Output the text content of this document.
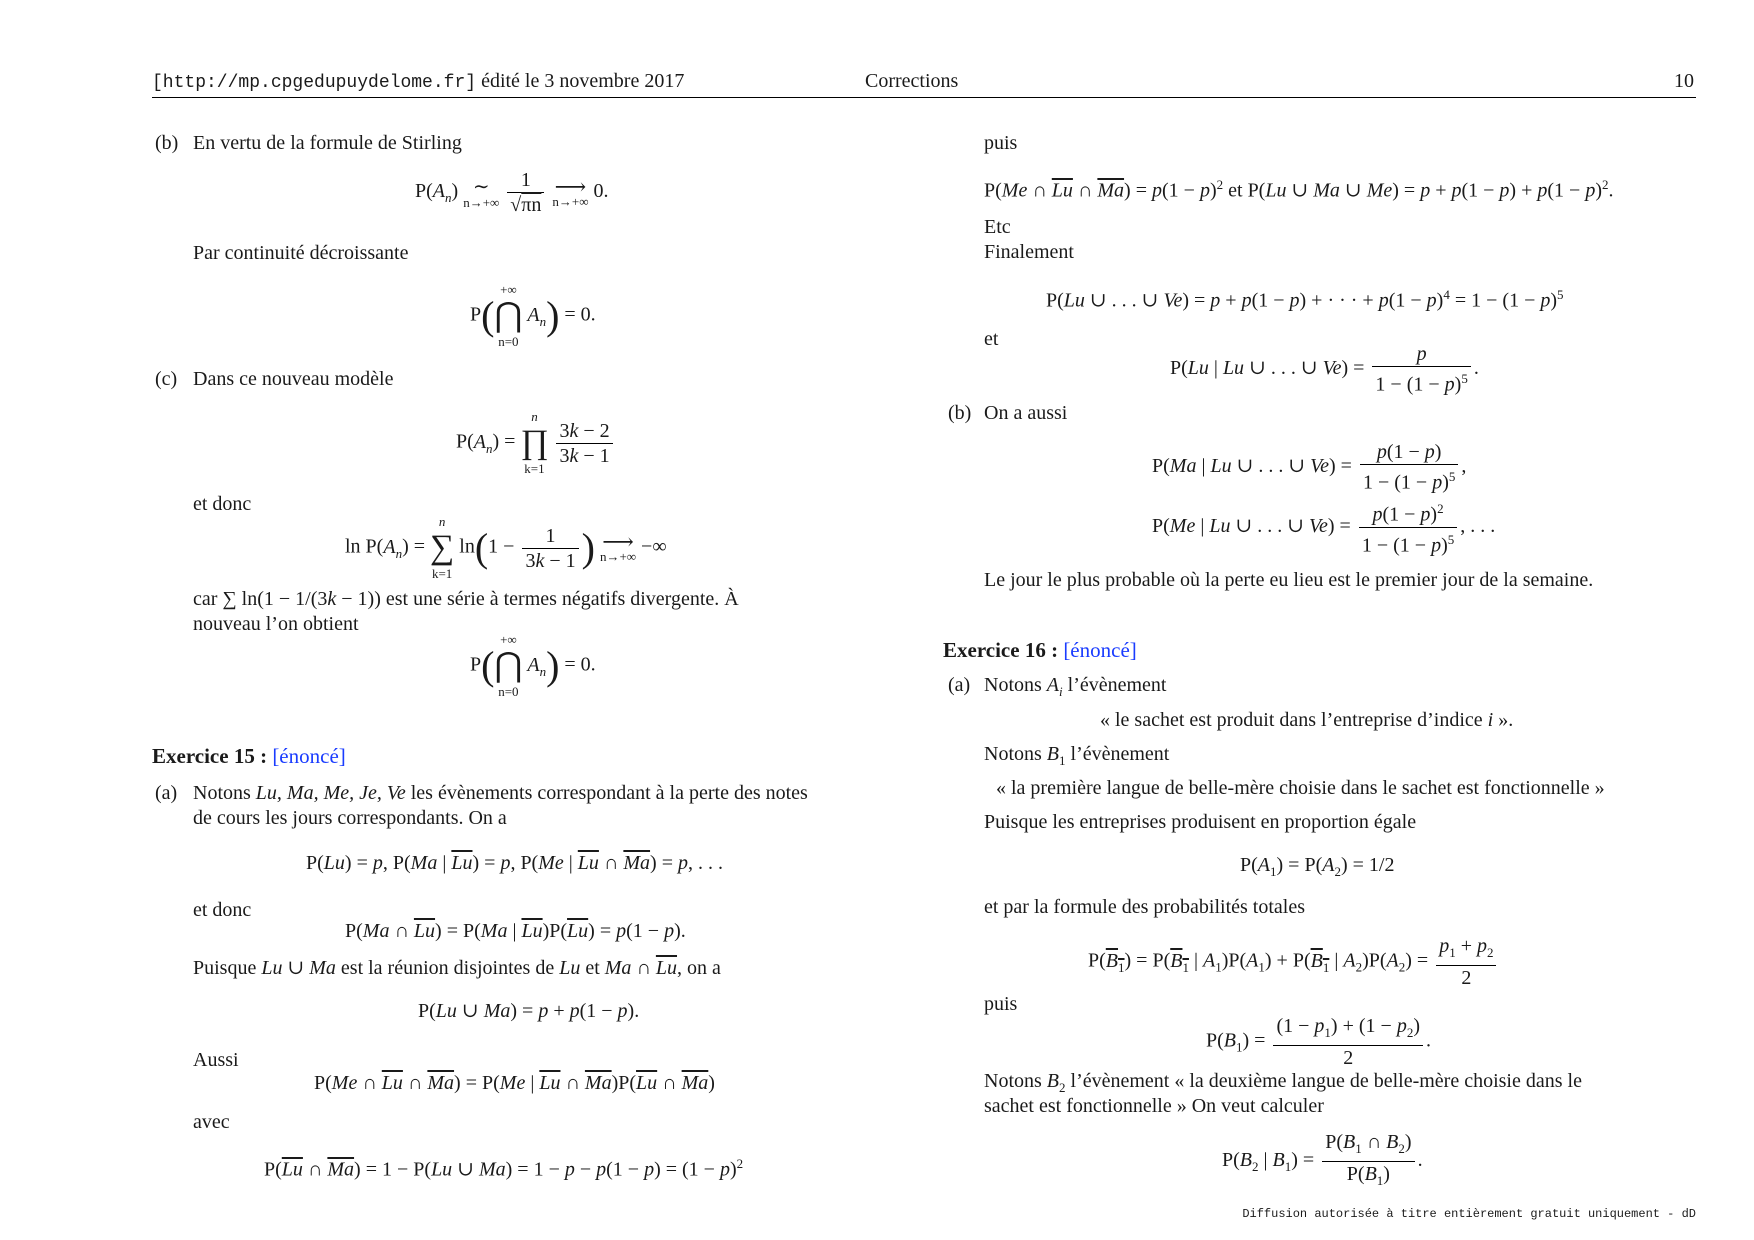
[http://mp.cpgedupuydelome.fr] édité le 3 novembre 2017	Corrections	10
(b) En vertu de la formule de Stirling
$P(A_n)$ ∼
n→+∞
$\frac{1}{√\pi n}$
⟶
n→+∞ 0.
Par continuité décroissante
P(
+∞
⋂
n=0
$A_n) = 0$.
(c) Dans ce nouveau modèle
$P(A_n)$ =
n
∏
k=1

$\frac{3k - 2}{3k - 1}$
et donc
$\ln P(A_n)$ =
n
∑
k=1
$\ln(1 - \frac{1}{3k - 1}$ ) ⟶
n→+∞ −∞
car ∑ ln(1 − 1/(3k − 1)) est une série à termes négatifs divergente. À
nouveau l’on obtient
P(
+∞
⋂
n=0
$A_n) = 0$.
Exercice 15 : [énoncé]
(a) Notons Lu, Ma, Me, Je, Ve les évènements correspondant à la perte des notes
de cours les jours correspondants. On a
P(Lu) = p, P(Ma | $\overline{Lu}) = p$, P(Me | $\overline{Lu}$ ∩ $\overline{Ma}) = p$, . . .
et donc
P(Ma ∩ $\overline{Lu}) = P(Ma$ | $\overline{Lu})P(\overline{Lu}) = p(1 - p)$.
Puisque Lu ∪ Ma est la réunion disjointes de Lu et Ma ∩ $\overline{Lu}$, on a
P(Lu ∪ Ma) = p + p(1 − p).
Aussi
P(Me ∩ $\overline{Lu}$ ∩ $\overline{Ma}) = P(Me$ | $\overline{Lu}$ ∩ $\overline{Ma})P(\overline{Lu}$ ∩ $\overline{Ma}$)
avec
$P(\overline{Lu}$ ∩ $\overline{Ma}) = 1 - P(Lu$ ∪ $Ma) = 1 - p - p(1 - p) = (1 - p)^2$
puis
P(Me ∩ $\overline{Lu}$ ∩ $\overline{Ma}) = p(1 - p)^2$ et P(Lu ∪ Ma ∪ $Me) = p + p(1 - p) + p(1 - p)^2$.
Etc
Finalement
P(Lu ∪ . . . ∪ Ve) = p + p(1 − p) + · · · + $p(1 - p)^4 = 1 - (1 - p)^5$
et
P(Lu | Lu ∪ . . . ∪ $Ve) = \frac{p}{1 - (1 - p)^5}$ .
(b) On a aussi
P(Ma | Lu ∪ . . . ∪ $Ve) = \frac{p(1 - p)}{1 - (1 - p)^5}$ ,
P(Me | Lu ∪ . . . ∪ $Ve) = \frac{p(1 - p)^2}{1 - (1 - p)^5}$ , . . .
Le jour le plus probable où la perte eu lieu est le premier jour de la semaine.
Exercice 16 : [énoncé]
(a) Notons $A_i$ l’évènement
« le sachet est produit dans l’entreprise d’indice i ».
Notons $B_1$ l’évènement
« la première langue de belle-mère choisie dans le sachet est fonctionnelle »
Puisque les entreprises produisent en proportion égale
$P(A_1) = P(A_2) = 1/2$
et par la formule des probabilités totales
$P(B_1) = P(B_1$ | $A_1)P(A_1) + P(B_1$ | $A_2)P(A_2) = \frac{p_1 + p_2}{2}$
puis
$P(B_1) = \frac{(1 - p_1) + (1 - p_2)}{2}$ .
Notons $B_2$ l’évènement « la deuxième langue de belle-mère choisie dans le
sachet est fonctionnelle » On veut calculer
$P(B_2$ | $B_1) = \frac{P(B_1 \cap B_2)}{P(B_1)}$ .
Diffusion autorisée à titre entièrement gratuit uniquement - dD
